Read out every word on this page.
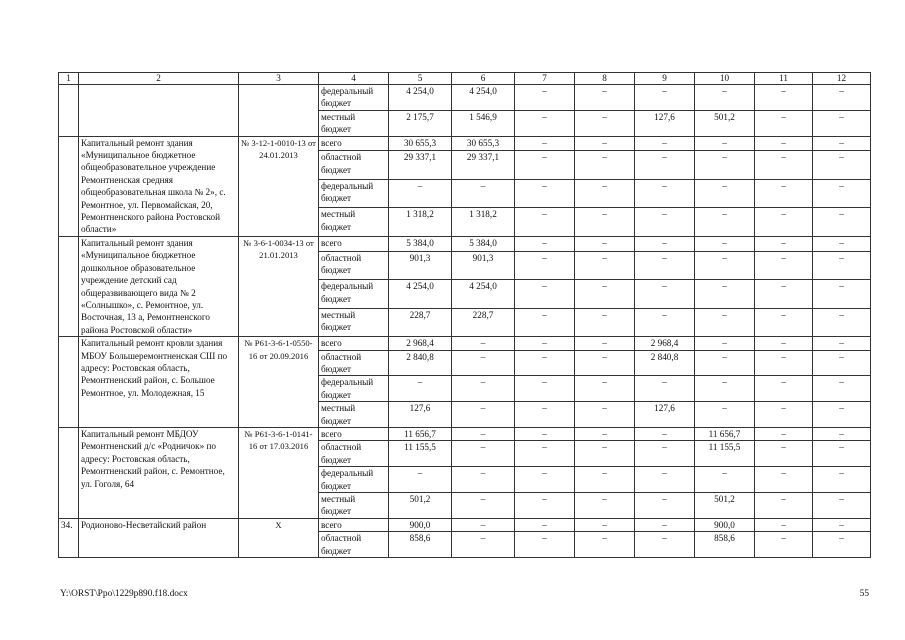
1	2	3	4	5	6	7	8	9	10	11	12
			федеральный бюджет	4 254,0	4 254,0	–	–	–	–	–	–
			местный бюджет	2 175,7	1 546,9	–	–	127,6	501,2	–	–
	Капитальный ремонт здания «Муниципальное бюджетное общеобразовательное учреждение Ремонтненская средняя общеобразовательная школа № 2», с. Ремонтное, ул. Первомайская, 20, Ремонтненского района Ростовской области»	№ 3-12-1-0010-13 от 24.01.2013	всего	30 655,3	30 655,3	–	–	–	–	–	–
			областной бюджет	29 337,1	29 337,1	–	–	–	–	–	–
			федеральный бюджет	–	–	–	–	–	–	–	–
			местный бюджет	1 318,2	1 318,2	–	–	–	–	–	–
	Капитальный ремонт здания «Муниципальное бюджетное дошкольное образовательное учреждение детский сад общеразвивающего вида № 2 «Солнышко», с. Ремонтное, ул. Восточная, 13 а, Ремонтненского района Ростовской области»	№ 3-6-1-0034-13 от 21.01.2013	всего	5 384,0	5 384,0	–	–	–	–	–	–
			областной бюджет	901,3	901,3	–	–	–	–	–	–
			федеральный бюджет	4 254,0	4 254,0	–	–	–	–	–	–
			местный бюджет	228,7	228,7	–	–	–	–	–	–
	Капитальный ремонт кровли здания МБОУ Большеремонтненская СШ по адресу: Ростовская область, Ремонтненский район, с. Большое Ремонтное, ул. Молодежная, 15	№ Р61-3-6-1-0550-16 от 20.09.2016	всего	2 968,4	–	–	–	2 968,4	–	–	–
			областной бюджет	2 840,8	–	–	–	2 840,8	–	–	–
			федеральный бюджет	–	–	–	–	–	–	–	–
			местный бюджет	127,6	–	–	–	127,6	–	–	–
	Капитальный ремонт МБДОУ Ремонтненский д/с «Родничок» по адресу: Ростовская область, Ремонтненский район, с. Ремонтное, ул. Гоголя, 64	№ Р61-3-6-1-0141-16 от 17.03.2016	всего	11 656,7	–	–	–	–	11 656,7	–	–
			областной бюджет	11 155,5	–	–	–	–	11 155,5	–	–
			федеральный бюджет	–	–	–	–	–	–	–	–
			местный бюджет	501,2	–	–	–	–	501,2	–	–
34.	Родионово-Несветайский район	Х	всего	900,0	–	–	–	–	900,0	–	–
			областной бюджет	858,6	–	–	–	–	858,6	–	–
Y:\ORST\Ppo\1229p890.f18.docx	55
